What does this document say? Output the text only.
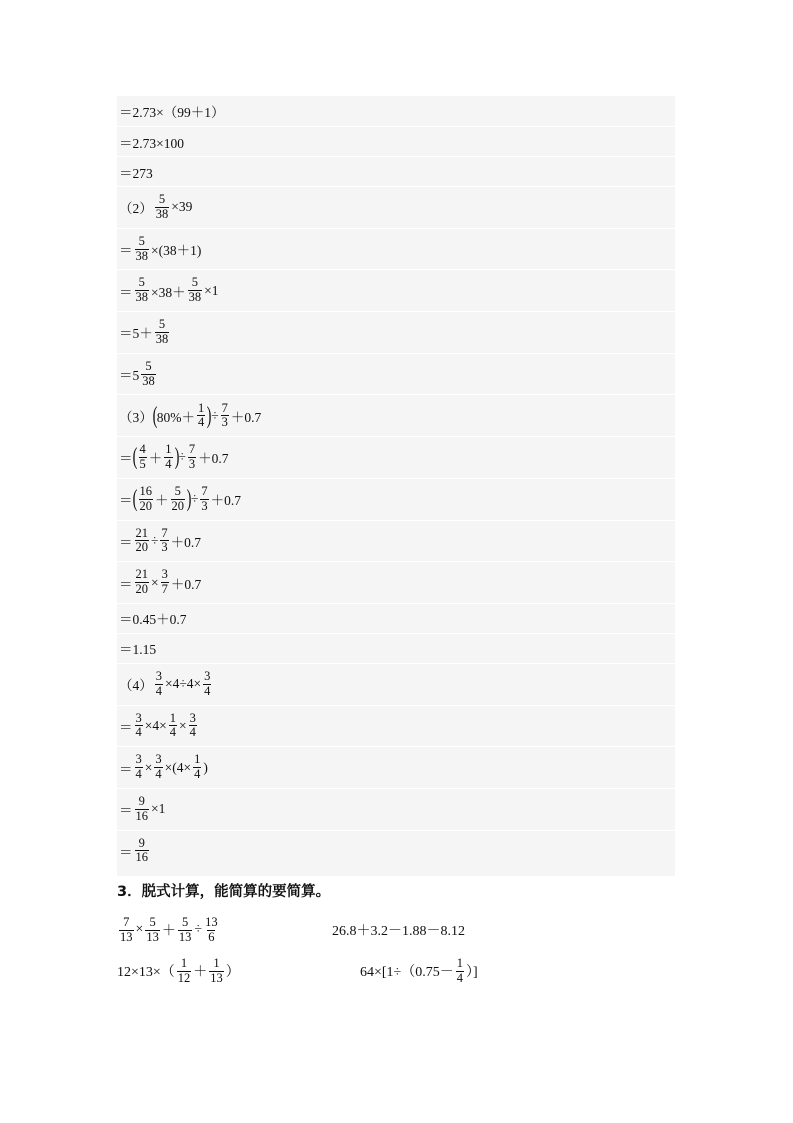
＝2.73×（99＋1）
＝2.73×100
＝273
$(2) \frac{5}{38} \times 39$
＝ $\frac{5}{38} \times(38+1)$
＝ $\frac{5}{38} \times 38+ \frac{5}{38} \times 1$
$=5+ \frac{5}{38}$
$=5 \frac{5}{38}$
（3） ( $80\%+ \frac{1}{4}$ ) ÷ $\frac{7}{3} +0.7$
＝ ( $\frac{4}{5} + \frac{1}{4}$ ) ÷ $\frac{7}{3} +0.7$
＝ ( $\frac{16}{20} + \frac{5}{20}$ ) ÷ $\frac{7}{3} +0.7$
＝ $\frac{21}{20} \div \frac{7}{3} +0.7$
＝ $\frac{21}{20} \times \frac{3}{7} +0.7$
＝0.45＋0.7
＝1.15
$(4) \frac{3}{4} \times 4\div 4\times \frac{3}{4}$
＝ $\frac{3}{4} \times 4\times \frac{1}{4} \times \frac{3}{4}$
＝ $\frac{3}{4} \times \frac{3}{4} \times(4\times \frac{1}{4}$ )
＝ $\frac{9}{16} \times 1$
＝ $\frac{9}{16}$
3．脱式计算，能简算的要简算。
$\frac{7}{13} \times \frac{5}{13} + \frac{5}{13} \div \frac{13}{6}$	26.8＋3.2－1.88－8.12
$12\times 13\times( \frac{1}{12} + \frac{1}{13}$ ）	$64\times[1\div(0.75- \frac{1}{4}$ ）]
